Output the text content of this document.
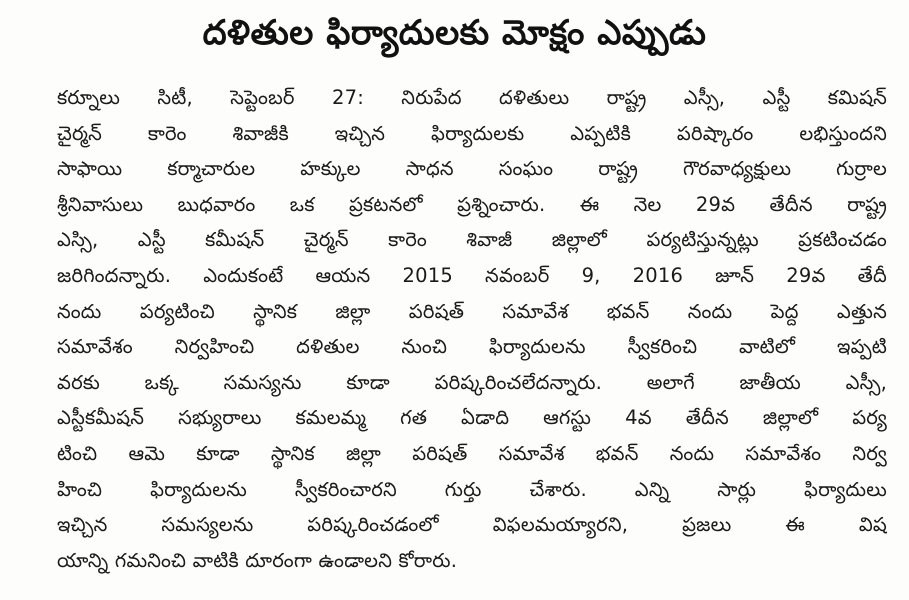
దళితుల ఫిర్యాదులకు మోక్షం ఎప్పుడు
కర్నూలు సిటీ, సెప్టెంబర్ 27: నిరుపేద దళితులు రాష్ట్ర ఎస్సీ, ఎస్టీ కమిషన్
చైర్మన్ కారెం శివాజీకి ఇచ్చిన ఫిర్యాదులకు ఎప్పటికి పరిష్కారం లభిస్తుందని
సాఫాయి కర్మాచారుల హక్కుల సాధన సంఘం రాష్ట్ర గౌరవాధ్యక్షులు గుర్రాల
శ్రీనివాసులు బుధవారం ఒక ప్రకటనలో ప్రశ్నించారు. ఈ నెల 29వ తేదీన రాష్ట్ర
ఎస్సి, ఎస్టీ కమీషన్ చైర్మన్ కారెం శివాజీ జిల్లాలో పర్యటిస్తున్నట్లు ప్రకటించడం
జరిగిందన్నారు. ఎందుకంటే ఆయన 2015 నవంబర్ 9, 2016 జూన్ 29వ తేదీ
నందు పర్యటించి స్థానిక జిల్లా పరిషత్ సమావేశ భవన్ నందు పెద్ద ఎత్తున
సమావేశం నిర్వహించి దళితుల నుంచి ఫిర్యాదులను స్వీకరించి వాటిలో ఇప్పటి
వరకు ఒక్క సమస్యను కూడా పరిష్కరించలేదన్నారు. అలాగే జాతీయ ఎస్సీ,
ఎస్టీకమీషన్ సభ్యురాలు కమలమ్మ గత ఏడాది ఆగస్టు 4వ తేదీన జిల్లాలో పర్య
టించి ఆమె కూడా స్థానిక జిల్లా పరిషత్ సమావేశ భవన్ నందు సమావేశం నిర్వ
హించి ఫిర్యాదులను స్వీకరించారని గుర్తు చేశారు. ఎన్ని సార్లు ఫిర్యాదులు
ఇచ్చిన సమస్యలను పరిష్కరించడంలో విఫలమయ్యారని, ప్రజలు ఈ విష
యాన్ని గమనించి వాటికి దూరంగా ఉండాలని కోరారు.
